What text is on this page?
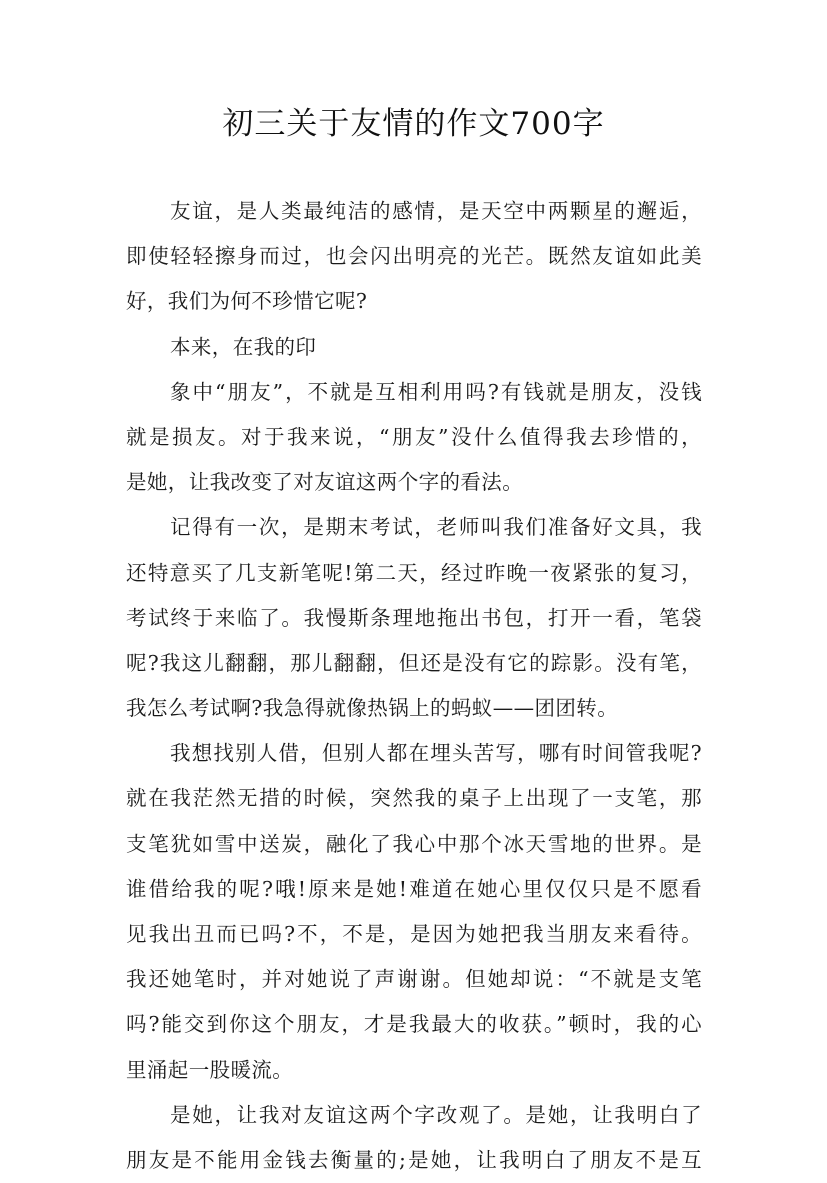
初三关于友情的作文700字
友谊，是人类最纯洁的感情，是天空中两颗星的邂逅，
即使轻轻擦身而过，也会闪出明亮的光芒。既然友谊如此美
好，我们为何不珍惜它呢?
本来，在我的印
象中“朋友”，不就是互相利用吗?有钱就是朋友，没钱
就是损友。对于我来说，“朋友”没什么值得我去珍惜的，
是她，让我改变了对友谊这两个字的看法。
记得有一次，是期末考试，老师叫我们准备好文具，我
还特意买了几支新笔呢!第二天，经过昨晚一夜紧张的复习，
考试终于来临了。我慢斯条理地拖出书包，打开一看，笔袋
呢?我这儿翻翻，那儿翻翻，但还是没有它的踪影。没有笔，
我怎么考试啊?我急得就像热锅上的蚂蚁——团团转。
我想找别人借，但别人都在埋头苦写，哪有时间管我呢?
就在我茫然无措的时候，突然我的桌子上出现了一支笔，那
支笔犹如雪中送炭，融化了我心中那个冰天雪地的世界。是
谁借给我的呢?哦!原来是她!难道在她心里仅仅只是不愿看
见我出丑而已吗?不，不是，是因为她把我当朋友来看待。
我还她笔时，并对她说了声谢谢。但她却说：“不就是支笔
吗?能交到你这个朋友，才是我最大的收获。”顿时，我的心
里涌起一股暖流。
是她，让我对友谊这两个字改观了。是她，让我明白了
朋友是不能用金钱去衡量的;是她，让我明白了朋友不是互
